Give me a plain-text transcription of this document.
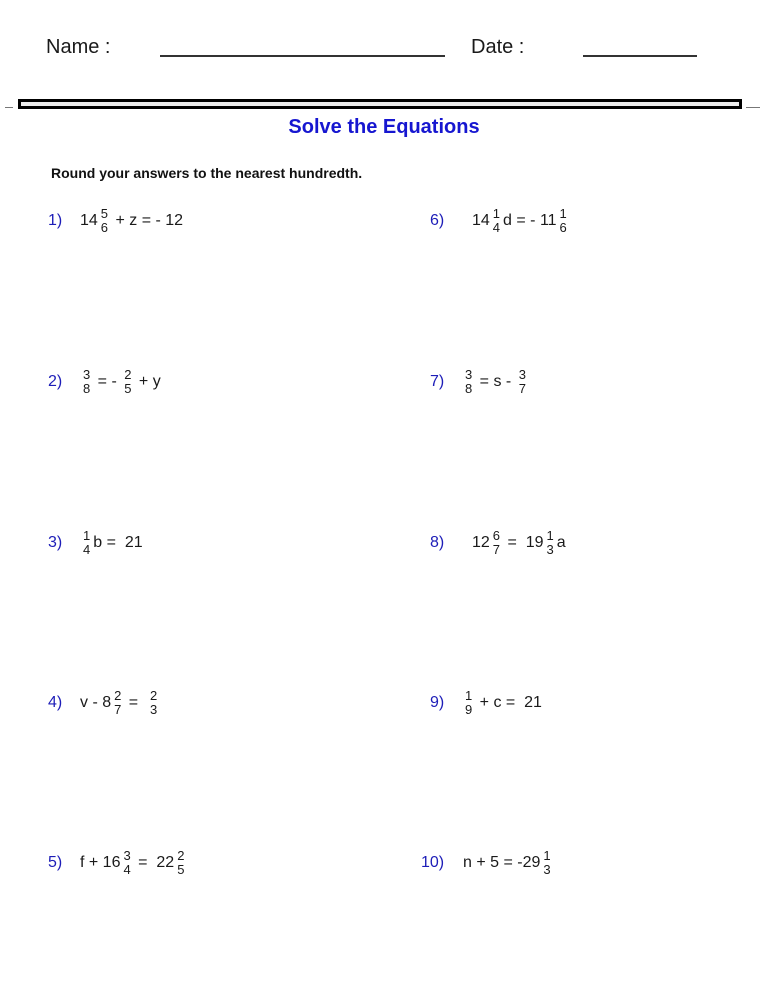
Name :	Date :
Solve the Equations
Round your answers to the nearest hundredth.
1)	14 5
6 + z = - 12
2)	3
8 = - 2
5 + y
3)	1
4 b =  21
4)	v - 8 2
7 = 2
3
5)	f + 16 3
4 =  22 2
5
6)	14 1
4 d = - 11 1
6
7)	3
8 = s - 3
7
8)	12 6
7 =  19 1
3 a
9)	1
9 + c =  21
10)	n + 5 = -29 1
3
